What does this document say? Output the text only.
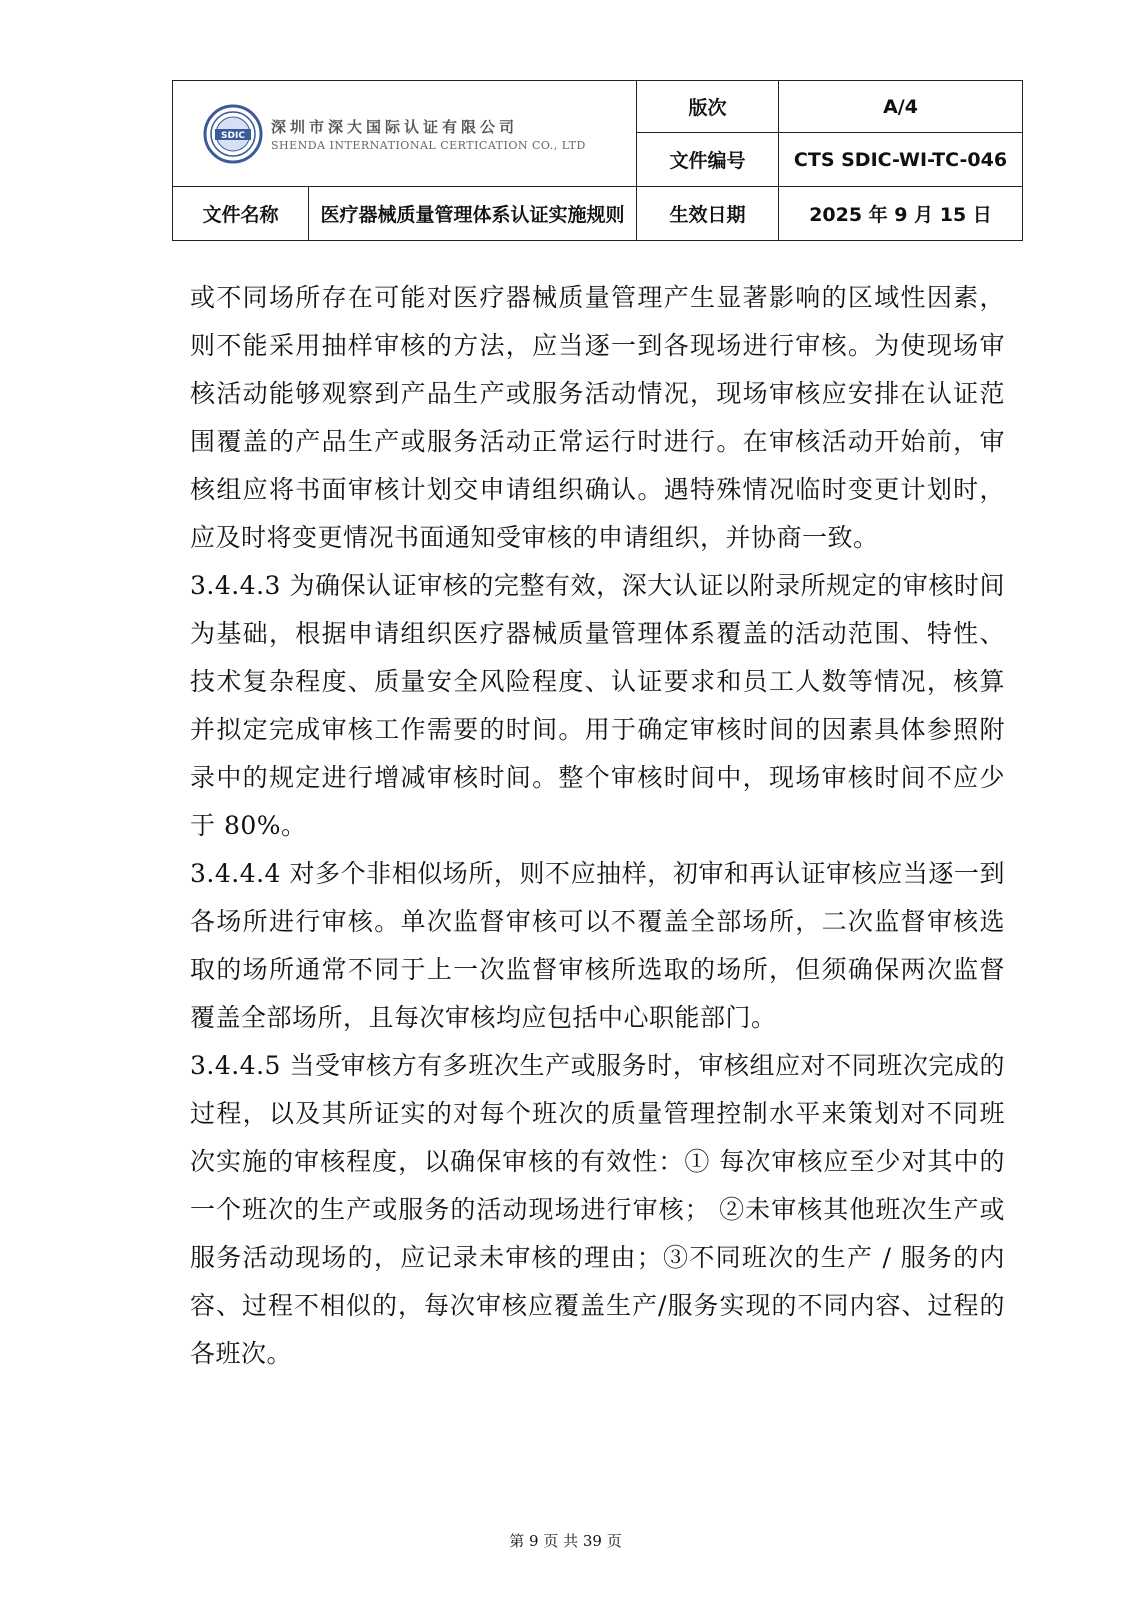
SDIC 深圳市深大国际认证有限公司
SHENDA INTERNATIONAL CERTICATION CO., LTD		版次	A/4
		文件编号	CTS SDIC-WI-TC-046
文件名称	医疗器械质量管理体系认证实施规则	生效日期	2025 年 9 月 15 日

或不同场所存在可能对医疗器械质量管理产生显著影响的区域性因素，则不能采用抽样审核的方法，应当逐一到各现场进行审核。为使现场审核活动能够观察到产品生产或服务活动情况，现场审核应安排在认证范围覆盖的产品生产或服务活动正常运行时进行。在审核活动开始前，审核组应将书面审核计划交申请组织确认。遇特殊情况临时变更计划时，应及时将变更情况书面通知受审核的申请组织，并协商一致。

3.4.4.3 为确保认证审核的完整有效，深大认证以附录所规定的审核时间为基础，根据申请组织医疗器械质量管理体系覆盖的活动范围、特性、技术复杂程度、质量安全风险程度、认证要求和员工人数等情况，核算并拟定完成审核工作需要的时间。用于确定审核时间的因素具体参照附录中的规定进行增减审核时间。整个审核时间中，现场审核时间不应少于 80%。

3.4.4.4 对多个非相似场所，则不应抽样，初审和再认证审核应当逐一到各场所进行审核。单次监督审核可以不覆盖全部场所，二次监督审核选取的场所通常不同于上一次监督审核所选取的场所，但须确保两次监督覆盖全部场所，且每次审核均应包括中心职能部门。

3.4.4.5 当受审核方有多班次生产或服务时，审核组应对不同班次完成的过程，以及其所证实的对每个班次的质量管理控制水平来策划对不同班次实施的审核程度，以确保审核的有效性：① 每次审核应至少对其中的一个班次的生产或服务的活动现场进行审核； ②未审核其他班次生产或服务活动现场的，应记录未审核的理由；③不同班次的生产 / 服务的内容、过程不相似的，每次审核应覆盖生产/服务实现的不同内容、过程的各班次。

第 9 页 共 39 页
